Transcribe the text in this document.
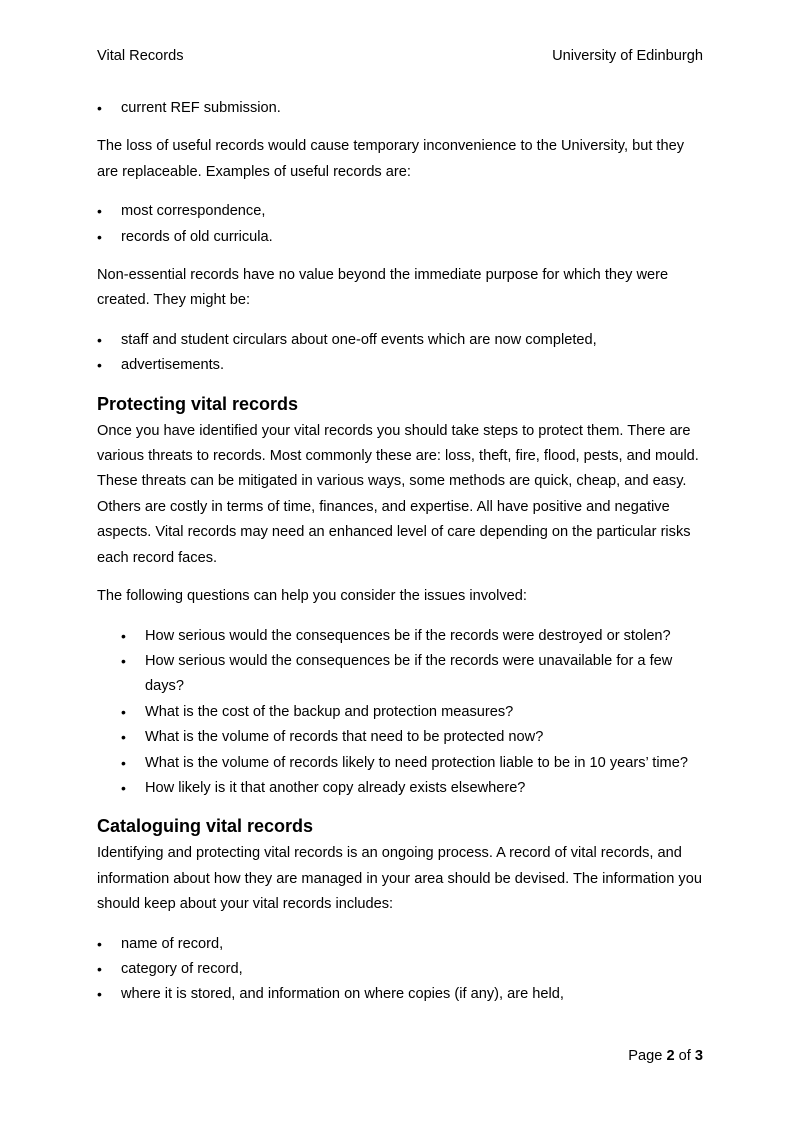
Vital Records	University of Edinburgh
• current REF submission.

The loss of useful records would cause temporary inconvenience to the University, but they are replaceable. Examples of useful records are:

• most correspondence,
• records of old curricula.

Non-essential records have no value beyond the immediate purpose for which they were created. They might be:

• staff and student circulars about one-off events which are now completed,
• advertisements.
Protecting vital records

Once you have identified your vital records you should take steps to protect them. There are various threats to records. Most commonly these are: loss, theft, fire, flood, pests, and mould. These threats can be mitigated in various ways, some methods are quick, cheap, and easy. Others are costly in terms of time, finances, and expertise. All have positive and negative aspects. Vital records may need an enhanced level of care depending on the particular risks each record faces.

The following questions can help you consider the issues involved:

• How serious would the consequences be if the records were destroyed or stolen?
• How serious would the consequences be if the records were unavailable for a few days?
• What is the cost of the backup and protection measures?
• What is the volume of records that need to be protected now?
• What is the volume of records likely to need protection liable to be in 10 years’ time?
• How likely is it that another copy already exists elsewhere?
Cataloguing vital records

Identifying and protecting vital records is an ongoing process. A record of vital records, and information about how they are managed in your area should be devised. The information you should keep about your vital records includes:

• name of record,
• category of record,
• where it is stored, and information on where copies (if any), are held,
Page 2 of 3
